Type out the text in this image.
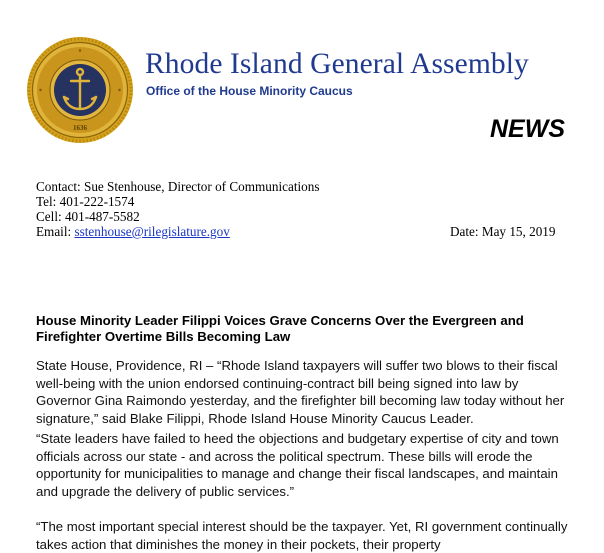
1636
Rhode Island General Assembly
Office of the House Minority Caucus
NEWS
Contact: Sue Stenhouse, Director of Communications
Tel: 401-222-1574
Cell: 401-487-5582
Email: sstenhouse@rilegislature.gov	Date: May 15, 2019
House Minority Leader Filippi Voices Grave Concerns Over the Evergreen and Firefighter Overtime Bills Becoming Law

State House, Providence, RI – “Rhode Island taxpayers will suffer two blows to their fiscal well-being with the union endorsed continuing-contract bill being signed into law by Governor Gina Raimondo yesterday, and the firefighter bill becoming law today without her signature,” said Blake Filippi, Rhode Island House Minority Caucus Leader.

“State leaders have failed to heed the objections and budgetary expertise of city and town officials across our state - and across the political spectrum. These bills will erode the opportunity for municipalities to manage and change their fiscal landscapes, and maintain and upgrade the delivery of public services.”

“The most important special interest should be the taxpayer. Yet, RI government continually takes action that diminishes the money in their pockets, their property
